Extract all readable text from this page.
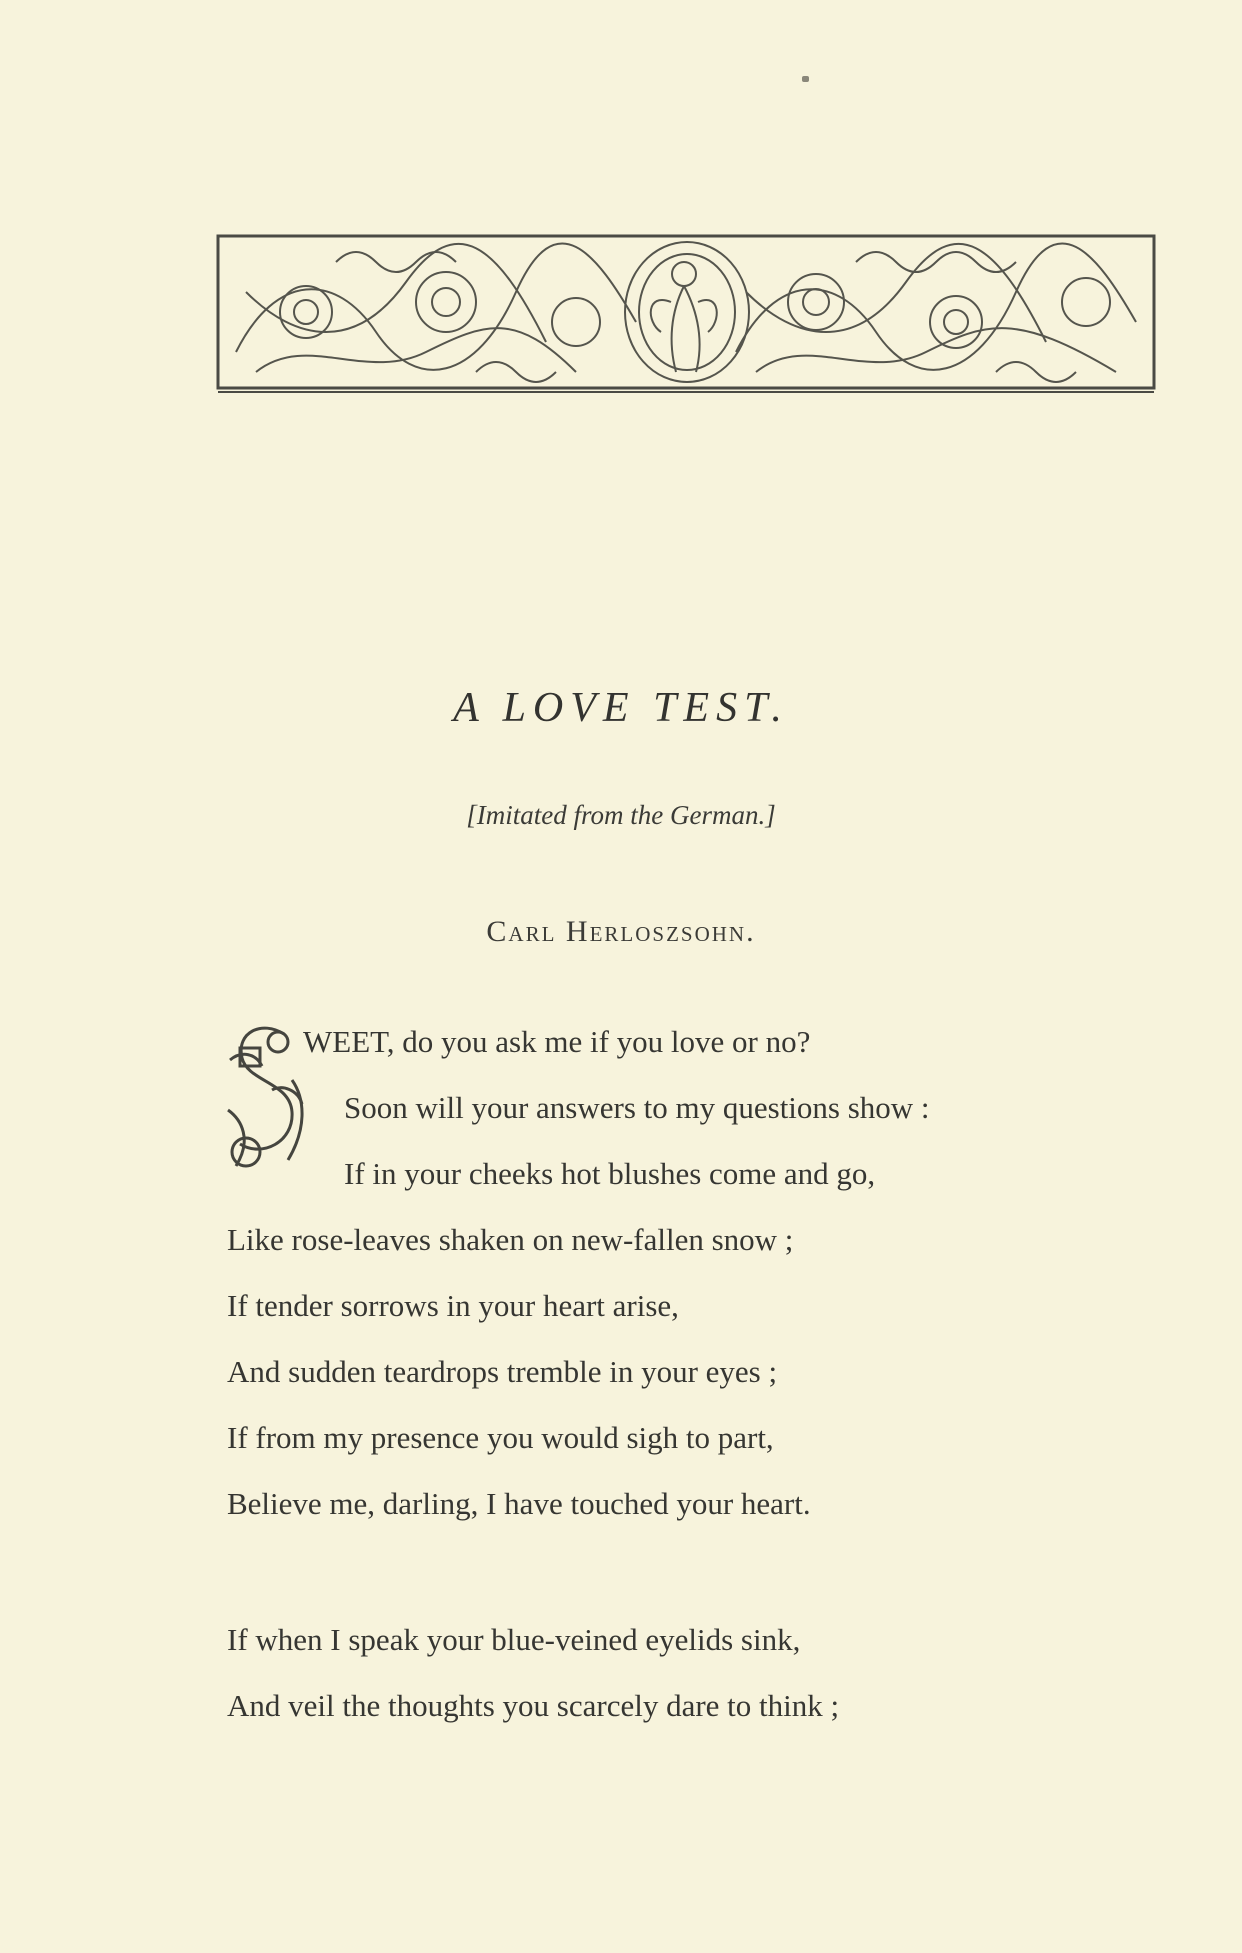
A LOVE TEST.
[Imitated from the German.]
Carl Herloszsohn.
WEET, do you ask me if you love or no?
Soon will your answers to my questions show :
If in your cheeks hot blushes come and go,
Like rose-leaves shaken on new-fallen snow ;
If tender sorrows in your heart arise,
And sudden teardrops tremble in your eyes ;
If from my presence you would sigh to part,
Believe me, darling, I have touched your heart.
If when I speak your blue-veined eyelids sink,
And veil the thoughts you scarcely dare to think ;
